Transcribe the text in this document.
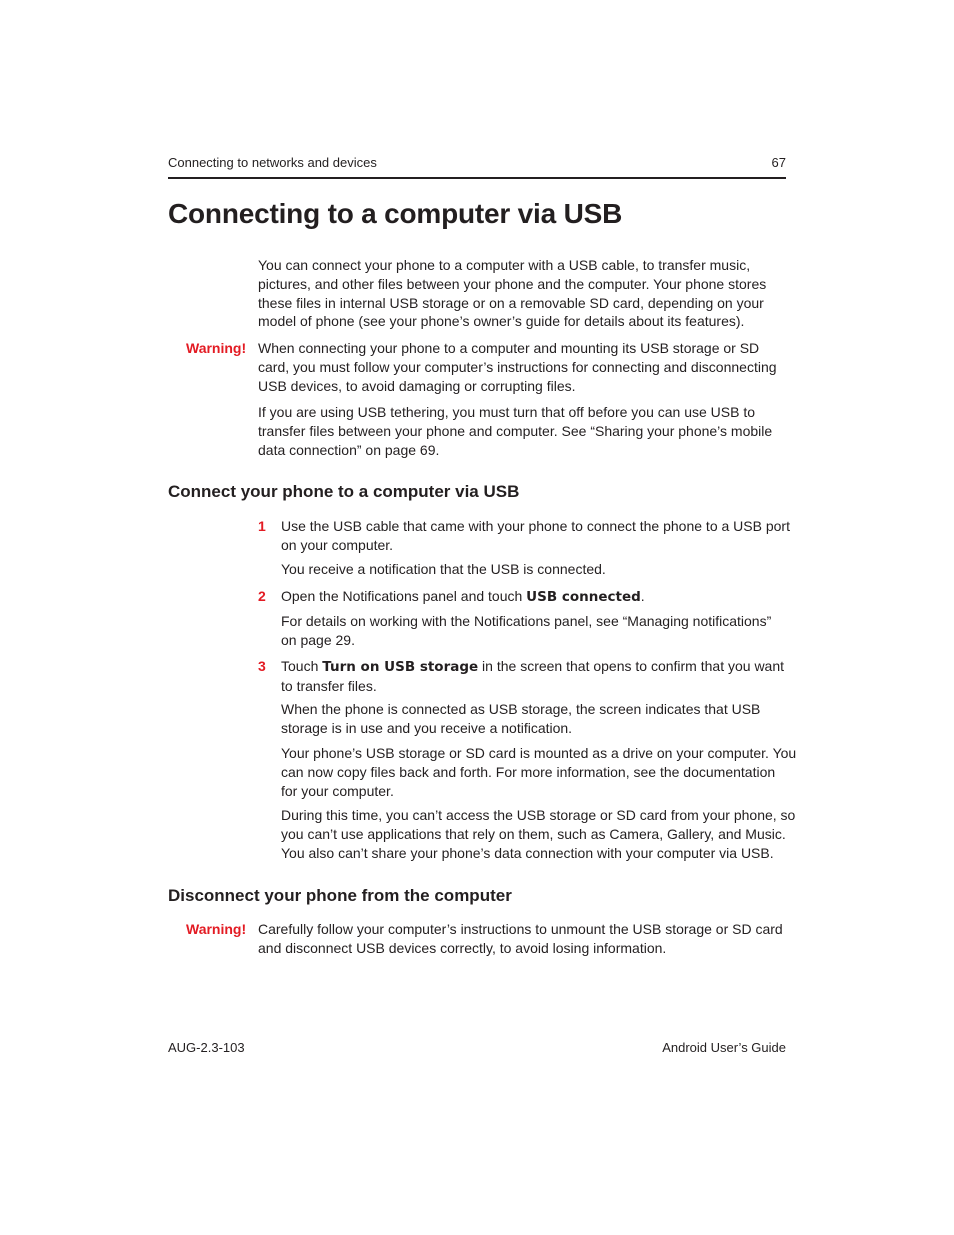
Connecting to networks and devices	67
Connecting to a computer via USB
You can connect your phone to a computer with a USB cable, to transfer music,
pictures, and other files between your phone and the computer. Your phone stores
these files in internal USB storage or on a removable SD card, depending on your
model of phone (see your phone’s owner’s guide for details about its features).
Warning! When connecting your phone to a computer and mounting its USB storage or SD
card, you must follow your computer’s instructions for connecting and disconnecting
USB devices, to avoid damaging or corrupting files.
If you are using USB tethering, you must turn that off before you can use USB to
transfer files between your phone and computer. See “Sharing your phone’s mobile
data connection” on page 69.
Connect your phone to a computer via USB
1 Use the USB cable that came with your phone to connect the phone to a USB port
on your computer.
You receive a notification that the USB is connected.
2 Open the Notifications panel and touch USB connected.
For details on working with the Notifications panel, see “Managing notifications”
on page 29.
3 Touch Turn on USB storage in the screen that opens to confirm that you want
to transfer files.
When the phone is connected as USB storage, the screen indicates that USB
storage is in use and you receive a notification.
Your phone’s USB storage or SD card is mounted as a drive on your computer. You
can now copy files back and forth. For more information, see the documentation
for your computer.
During this time, you can’t access the USB storage or SD card from your phone, so
you can’t use applications that rely on them, such as Camera, Gallery, and Music.
You also can’t share your phone’s data connection with your computer via USB.
Disconnect your phone from the computer
Warning! Carefully follow your computer’s instructions to unmount the USB storage or SD card
and disconnect USB devices correctly, to avoid losing information.
AUG-2.3-103	Android User’s Guide
